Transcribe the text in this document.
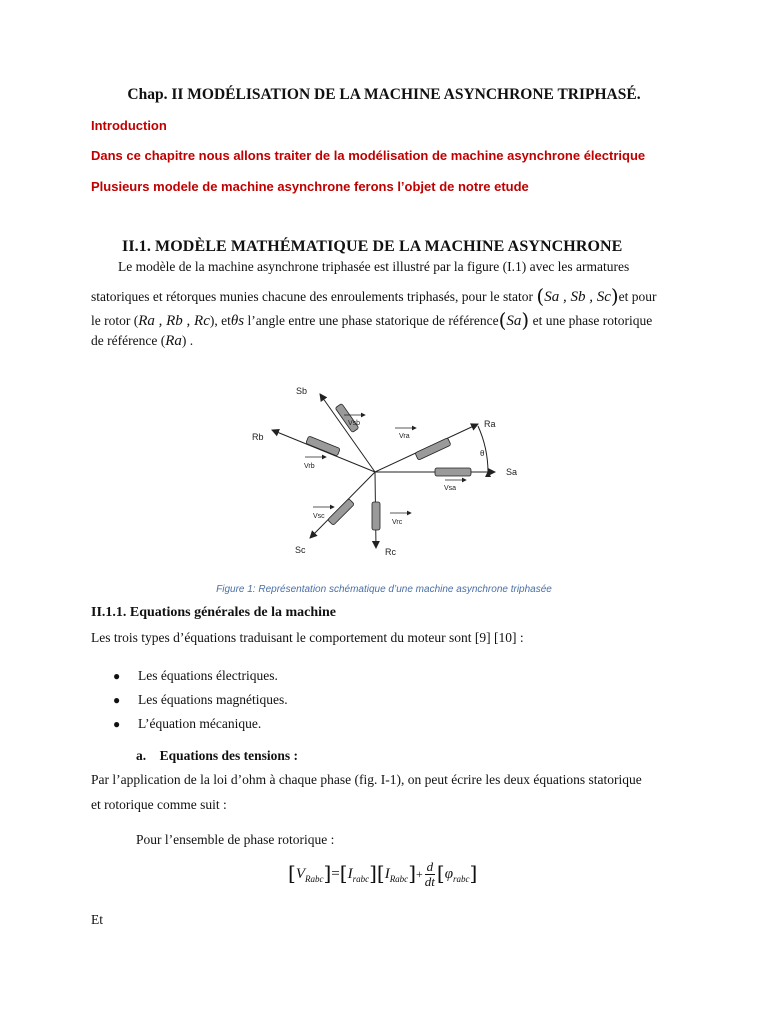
Chap. II MODÉLISATION DE LA MACHINE ASYNCHRONE TRIPHASÉ.
Introduction
Dans ce chapitre nous allons traiter de la modélisation de machine asynchrone électrique
Plusieurs modele de machine asynchrone ferons l’objet de notre etude
II.1. MODÈLE MATHÉMATIQUE DE LA MACHINE ASYNCHRONE
Le modèle de la machine asynchrone triphasée est illustré par la figure (I.1) avec les armatures
statoriques et rétorques munies chacune des enroulements triphasés, pour le stator (Sa , Sb , Sc)et pour
le rotor (Ra , Rb , Rc), etθs l’angle entre une phase statorique de référence(Sa) et une phase rotorique
de référence (Ra) .
Sb
Rb
Ra
Sa
Sc	Rc
θ
Vsb
Vra
Vrb
Vsa
Vsc
Vrc
Figure 1: Représentation schématique d’une machine asynchrone triphasée
II.1.1. Equations générales de la machine
Les trois types d’équations traduisant le comportement du moteur sont [9] [10] :
● Les équations électriques.
● Les équations magnétiques.
● L’équation mécanique.
a.    Equations des tensions :
Par l’application de la loi d’ohm à chaque phase (fig. I-1), on peut écrire les deux équations statorique
et rotorique comme suit :
Pour l’ensemble de phase rotorique :
$[V_{Rabc}]=[I_{rabc}][I_{Rabc}]+ \frac{d}{dt} [\varphi_{rabc}]$
Et
